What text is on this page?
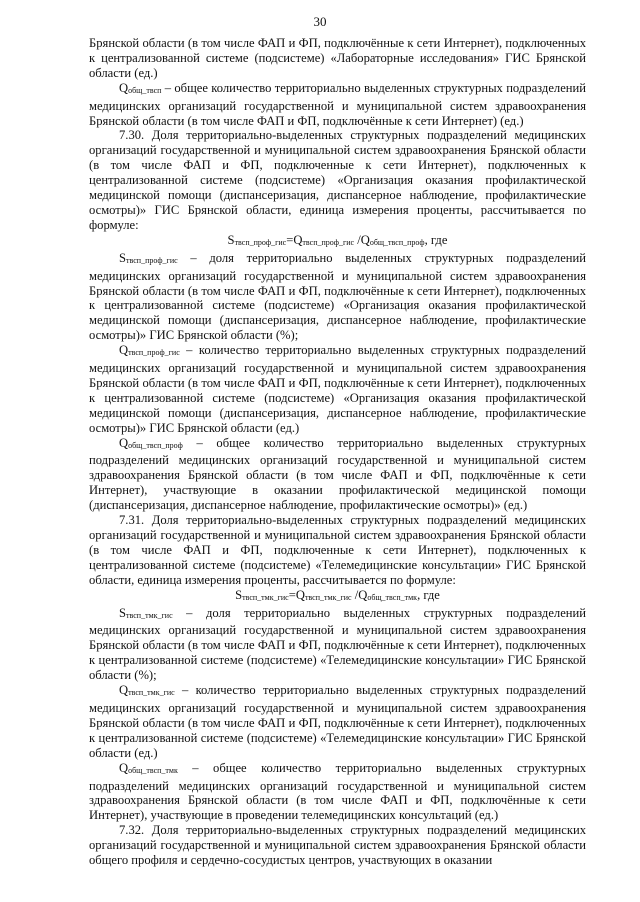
30

Брянской области (в том числе ФАП и ФП, подключённые к сети Интернет), подключенных к централизованной системе (подсистеме) «Лабораторные исследования» ГИС Брянской области (ед.)

Qобщ_твсп – общее количество территориально выделенных структурных подразделений медицинских организаций государственной и муниципальной систем здравоохранения Брянской области (в том числе ФАП и ФП, подключённые к сети Интернет) (ед.)

7.30. Доля территориально-выделенных структурных подразделений медицинских организаций государственной и муниципальной систем здравоохранения Брянской области (в том числе ФАП и ФП, подключенные к сети Интернет), подключенных к централизованной системе (подсистеме) «Организация оказания профилактической медицинской помощи (диспансеризация, диспансерное наблюдение, профилактические осмотры)» ГИС Брянской области, единица измерения проценты, рассчитывается по формуле:

Sтвсп_проф_гис=Qтвсп_проф_гис /Qобщ_твсп_проф, где

Sтвсп_проф_гис – доля территориально выделенных структурных подразделений медицинских организаций государственной и муниципальной систем здравоохранения Брянской области (в том числе ФАП и ФП, подключённые к сети Интернет), подключенных к централизованной системе (подсистеме) «Организация оказания профилактической медицинской помощи (диспансеризация, диспансерное наблюдение, профилактические осмотры)» ГИС Брянской области (%);

Qтвсп_проф_гис – количество территориально выделенных структурных подразделений медицинских организаций государственной и муниципальной систем здравоохранения Брянской области (в том числе ФАП и ФП, подключённые к сети Интернет), подключенных к централизованной системе (подсистеме) «Организация оказания профилактической медицинской помощи (диспансеризация, диспансерное наблюдение, профилактические осмотры)» ГИС Брянской области (ед.)

Qобщ_твсп_проф – общее количество территориально выделенных структурных подразделений медицинских организаций государственной и муниципальной систем здравоохранения Брянской области (в том числе ФАП и ФП, подключённые к сети Интернет), участвующие в оказании профилактической медицинской помощи (диспансеризация, диспансерное наблюдение, профилактические осмотры)» (ед.)

7.31. Доля территориально-выделенных структурных подразделений медицинских организаций государственной и муниципальной систем здравоохранения Брянской области (в том числе ФАП и ФП, подключенные к сети Интернет), подключенных к централизованной системе (подсистеме) «Телемедицинские консультации» ГИС Брянской области, единица измерения проценты, рассчитывается по формуле:

Sтвсп_тмк_гис=Qтвсп_тмк_гис /Qобщ_твсп_тмк, где

Sтвсп_тмк_гис – доля территориально выделенных структурных подразделений медицинских организаций государственной и муниципальной систем здравоохранения Брянской области (в том числе ФАП и ФП, подключённые к сети Интернет), подключенных к централизованной системе (подсистеме) «Телемедицинские консультации» ГИС Брянской области (%);

Qтвсп_тмк_гис – количество территориально выделенных структурных подразделений медицинских организаций государственной и муниципальной систем здравоохранения Брянской области (в том числе ФАП и ФП, подключённые к сети Интернет), подключенных к централизованной системе (подсистеме) «Телемедицинские консультации» ГИС Брянской области (ед.)

Qобщ_твсп_тмк – общее количество территориально выделенных структурных подразделений медицинских организаций государственной и муниципальной систем здравоохранения Брянской области (в том числе ФАП и ФП, подключённые к сети Интернет), участвующие в проведении телемедицинских консультаций (ед.)

7.32. Доля территориально-выделенных структурных подразделений медицинских организаций государственной и муниципальной систем здравоохранения Брянской области общего профиля и сердечно-сосудистых центров, участвующих в оказании
